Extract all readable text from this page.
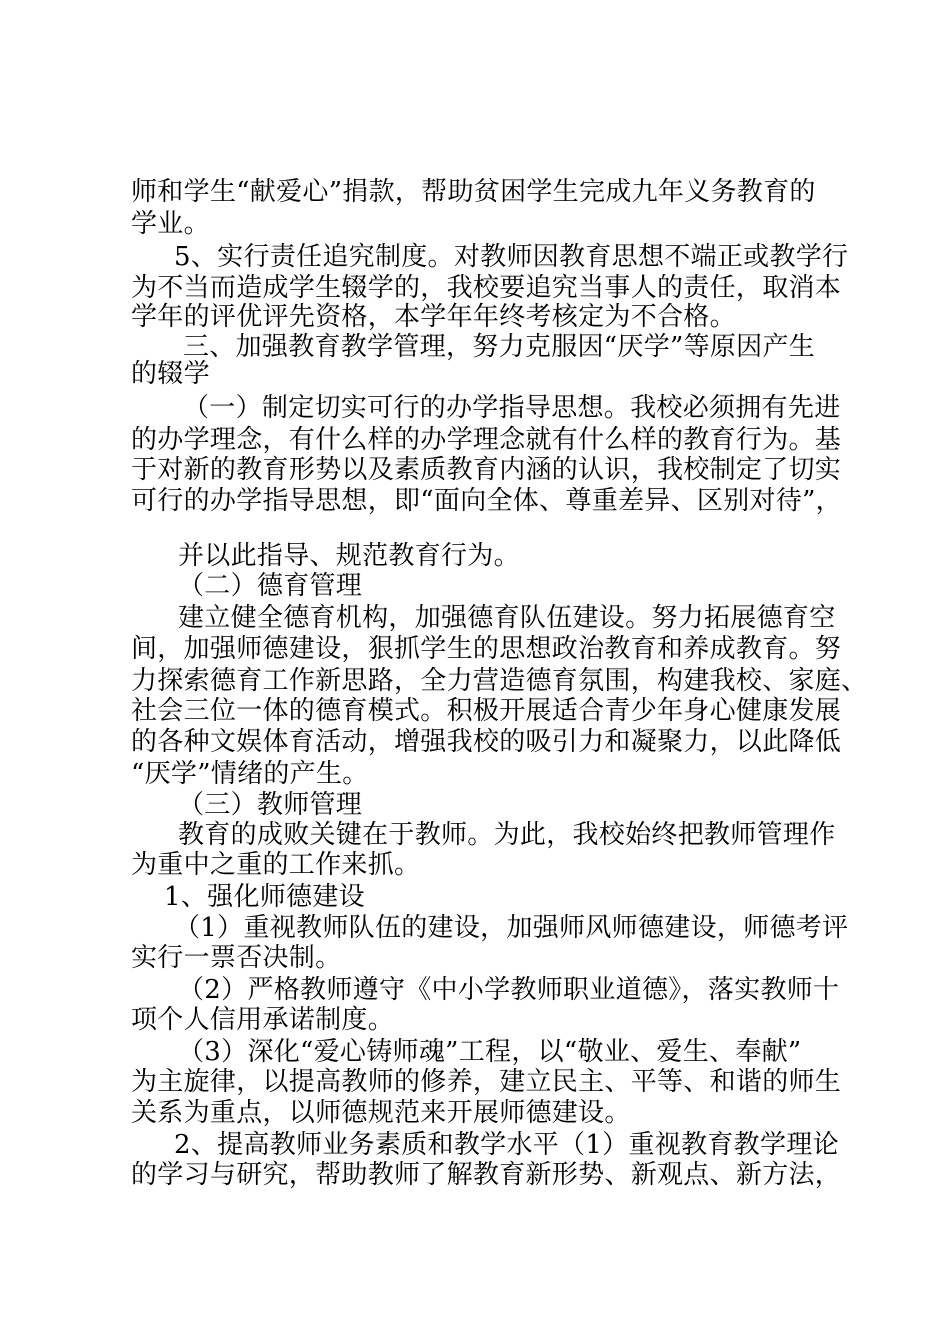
师和学生“献爱心”捐款，帮助贫困学生完成九年义务教育的

学业。

5、实行责任追究制度。对教师因教育思想不端正或教学行

为不当而造成学生辍学的，我校要追究当事人的责任，取消本

学年的评优评先资格，本学年年终考核定为不合格。

三、加强教育教学管理，努力克服因“厌学”等原因产生

的辍学

（一）制定切实可行的办学指导思想。我校必须拥有先进

的办学理念，有什么样的办学理念就有什么样的教育行为。基

于对新的教育形势以及素质教育内涵的认识，我校制定了切实

可行的办学指导思想，即“面向全体、尊重差异、区别对待”，

并以此指导、规范教育行为。

（二）德育管理

建立健全德育机构，加强德育队伍建设。努力拓展德育空

间，加强师德建设，狠抓学生的思想政治教育和养成教育。努

力探索德育工作新思路，全力营造德育氛围，构建我校、家庭、

社会三位一体的德育模式。积极开展适合青少年身心健康发展

的各种文娱体育活动，增强我校的吸引力和凝聚力，以此降低

“厌学”情绪的产生。

（三）教师管理

教育的成败关键在于教师。为此，我校始终把教师管理作

为重中之重的工作来抓。

1、强化师德建设

（1）重视教师队伍的建设，加强师风师德建设，师德考评

实行一票否决制。

（2）严格教师遵守《中小学教师职业道德》，落实教师十

项个人信用承诺制度。

（3）深化“爱心铸师魂”工程，以“敬业、爱生、奉献”

为主旋律，以提高教师的修养，建立民主、平等、和谐的师生

关系为重点，以师德规范来开展师德建设。

2、提高教师业务素质和教学水平（1）重视教育教学理论

的学习与研究，帮助教师了解教育新形势、新观点、新方法，
